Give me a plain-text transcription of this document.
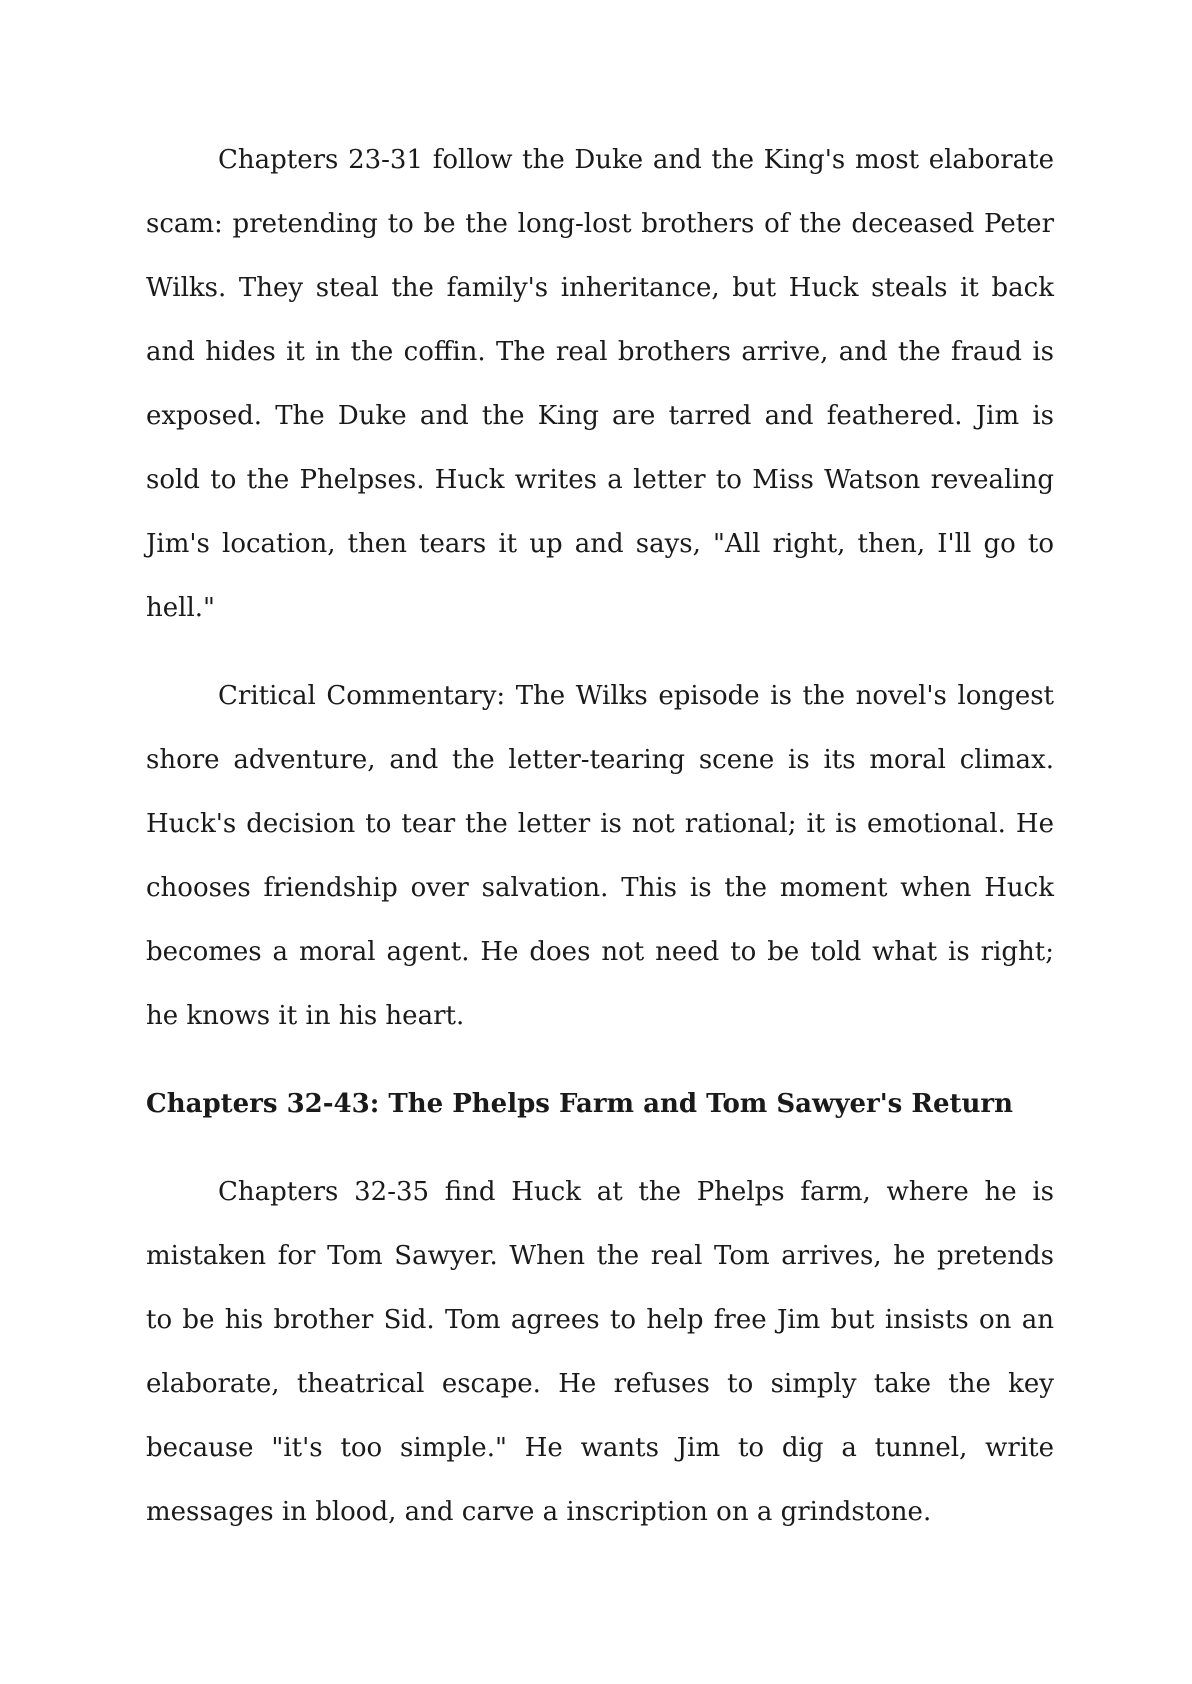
Chapters 23-31 follow the Duke and the King's most elaborate scam: pretending to be the long-lost brothers of the deceased Peter Wilks. They steal the family's inheritance, but Huck steals it back and hides it in the coffin. The real brothers arrive, and the fraud is exposed. The Duke and the King are tarred and feathered. Jim is sold to the Phelpses. Huck writes a letter to Miss Watson revealing Jim's location, then tears it up and says, "All right, then, I'll go to hell."

Critical Commentary: The Wilks episode is the novel's longest shore adventure, and the letter-tearing scene is its moral climax. Huck's decision to tear the letter is not rational; it is emotional. He chooses friendship over salvation. This is the moment when Huck becomes a moral agent. He does not need to be told what is right; he knows it in his heart.

Chapters 32-43: The Phelps Farm and Tom Sawyer's Return

Chapters 32-35 find Huck at the Phelps farm, where he is mistaken for Tom Sawyer. When the real Tom arrives, he pretends to be his brother Sid. Tom agrees to help free Jim but insists on an elaborate, theatrical escape. He refuses to simply take the key because "it's too simple." He wants Jim to dig a tunnel, write messages in blood, and carve a inscription on a grindstone.
